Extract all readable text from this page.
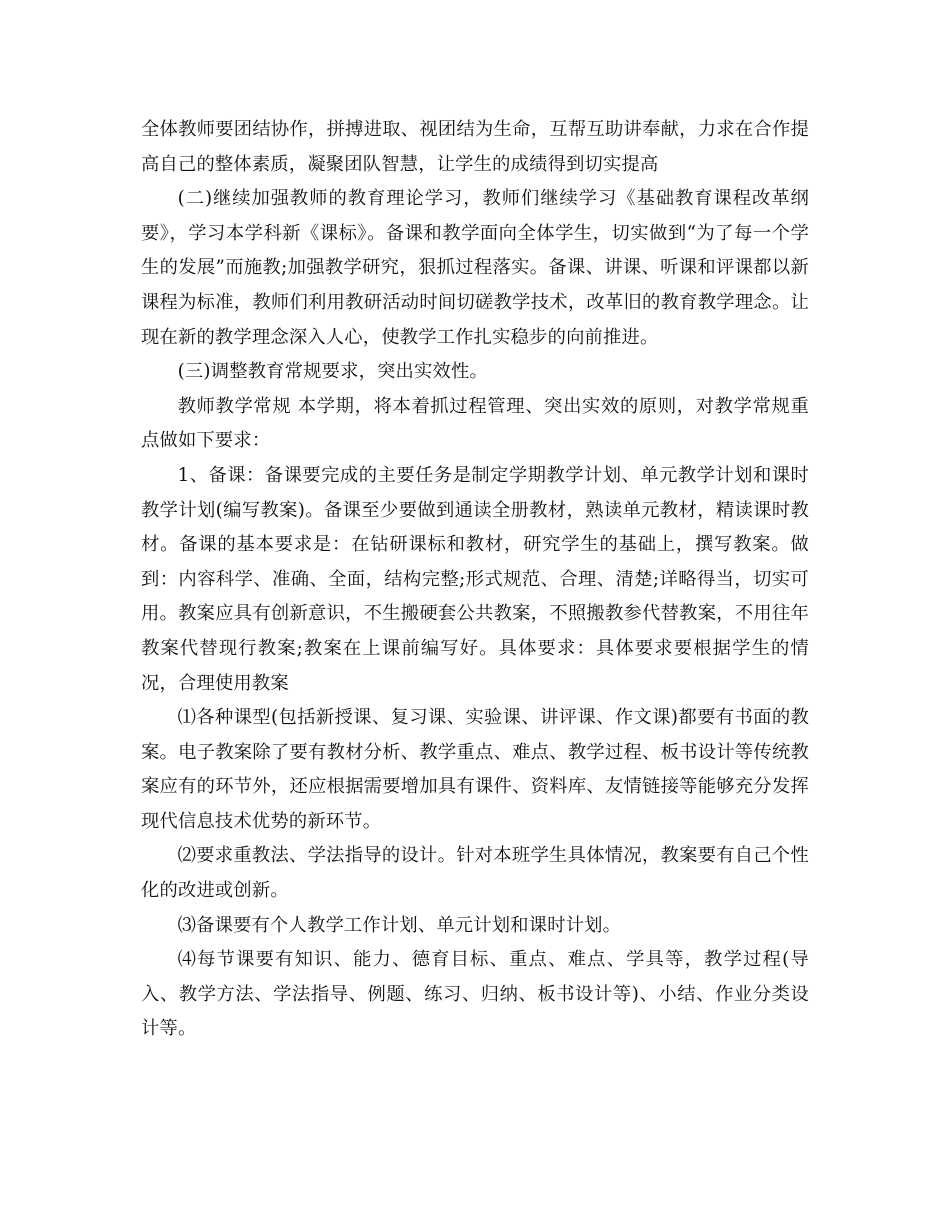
全体教师要团结协作，拼搏进取、视团结为生命，互帮互助讲奉献，力求在合作提高自己的整体素质，凝聚团队智慧，让学生的成绩得到切实提高

(二)继续加强教师的教育理论学习，教师们继续学习《基础教育课程改革纲要》，学习本学科新《课标》。备课和教学面向全体学生，切实做到“为了每一个学生的发展”而施教;加强教学研究，狠抓过程落实。备课、讲课、听课和评课都以新课程为标准，教师们利用教研活动时间切磋教学技术，改革旧的教育教学理念。让现在新的教学理念深入人心，使教学工作扎实稳步的向前推进。

(三)调整教育常规要求，突出实效性。

教师教学常规 本学期，将本着抓过程管理、突出实效的原则，对教学常规重点做如下要求：

1、备课：备课要完成的主要任务是制定学期教学计划、单元教学计划和课时教学计划(编写教案)。备课至少要做到通读全册教材，熟读单元教材，精读课时教材。备课的基本要求是：在钻研课标和教材，研究学生的基础上，撰写教案。做到：内容科学、准确、全面，结构完整;形式规范、合理、清楚;详略得当，切实可用。教案应具有创新意识，不生搬硬套公共教案，不照搬教参代替教案，不用往年教案代替现行教案;教案在上课前编写好。具体要求：具体要求要根据学生的情况，合理使用教案

⑴各种课型(包括新授课、复习课、实验课、讲评课、作文课)都要有书面的教案。电子教案除了要有教材分析、教学重点、难点、教学过程、板书设计等传统教案应有的环节外，还应根据需要增加具有课件、资料库、友情链接等能够充分发挥现代信息技术优势的新环节。

⑵要求重教法、学法指导的设计。针对本班学生具体情况，教案要有自己个性化的改进或创新。

⑶备课要有个人教学工作计划、单元计划和课时计划。

⑷每节课要有知识、能力、德育目标、重点、难点、学具等，教学过程(导入、教学方法、学法指导、例题、练习、归纳、板书设计等)、小结、作业分类设计等。
